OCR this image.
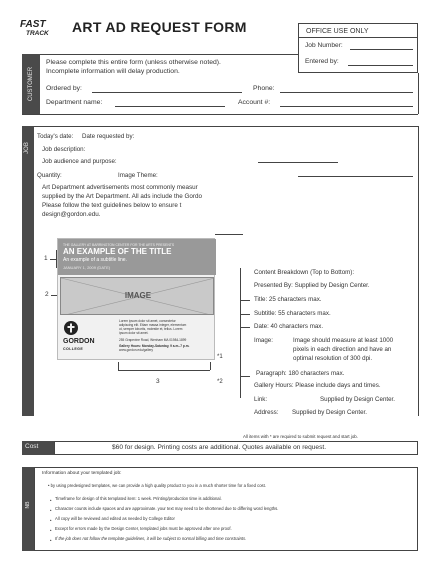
FAST
TRACK ART AD REQUEST FORM	OFFICE USE ONLY
Job Number:
Entered by:
CUSTOMER
Please complete this entire form (unless otherwise noted).
Incomplete information will delay production.
Ordered by:	Phone:
Department name:	Account #:
JOB
Today's date: Date requested by:
Job description:
Job audience and purpose:
Quantity:	Image Theme:
Art Department advertisements most commonly measur
supplied by the Art Department. All ads include the Gordo
Please follow the text guidelines below to ensure t
design@gordon.edu.
THE GALLERY AT BARRINGTON CENTER FOR THE ARTS PRESENTS
AN EXAMPLE OF THE TITLE
An example of a subtitle line.
JANUARY 1, 2009 (DATE)
IMAGE
Lorem ipsum dolor sit amet, consectetur
adipiscing elit. Etiam massa integer, elementum
ut, semper lobortis, molestie et, tellus. Lorem
ipsum dolor sit amet.
255 Grapevine Road, Wenham MA 01984-1899
Gallery Hours: Monday-Saturday, 9 a.m.-7 p.m.
www.gordon.edu/gallery
GORDON
COLLEGE
1
2
3
*1
*2
Content Breakdown (Top to Bottom):
Presented By: Supplied by Design Center.
Title: 25 characters max.
Subtitle: 55 characters max.
Date: 40 characters max.
Image:	Image should measure at least 1000
pixels in each direction and have an
optimal resolution of 300 dpi.
Paragraph: 180 characters max.
Gallery Hours: Please include days and times.
Link:	Supplied by Design Center.
Address: Supplied by Design Center.
All items with * are required to submit request and start job.
Cost	$60 for design. Printing costs are additional. Quotes available on request.
NB
Information about your templated job:
• by using predesigned templates, we can provide a high quality product to you in a much shorter time for a fixed cost.
Timeframe for design of this templated item: 1 week. Printing/production time is additional.
Character counts include spaces and are approximate. your text may need to be shortened due to differing word lengths.
All copy will be reviewed and edited as needed by College Editor
Except for errors made by the Design Center, templated jobs must be approved after one proof.
If the job does not follow the template guidelines, it will be subject to normal billing and time constraints.
•
•
•
•
•
